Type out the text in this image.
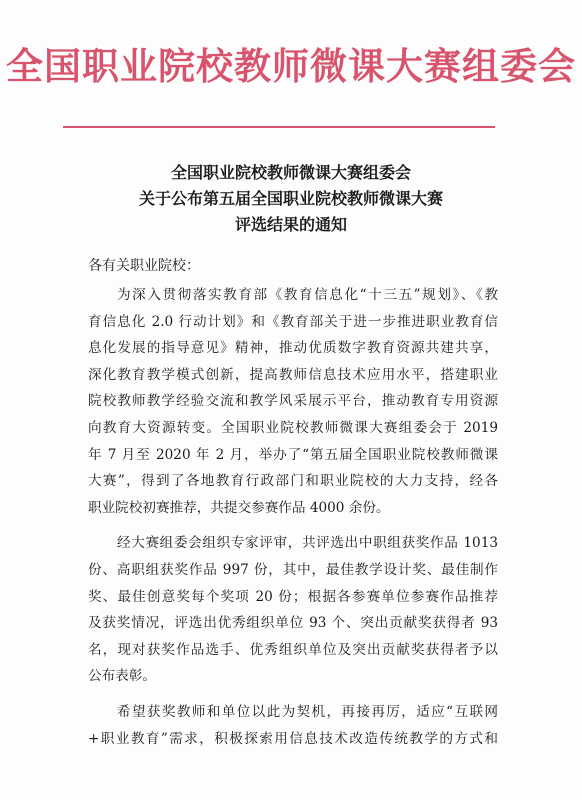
全国职业院校教师微课大赛组委会
全国职业院校教师微课大赛组委会
关于公布第五届全国职业院校教师微课大赛
评选结果的通知
各有关职业院校：

为深入贯彻落实教育部《教育信息化“十三五”规划》、《教
育信息化 2.0 行动计划》和《教育部关于进一步推进职业教育信
息化发展的指导意见》精神，推动优质数字教育资源共建共享，
深化教育教学模式创新，提高教师信息技术应用水平，搭建职业
院校教师教学经验交流和教学风采展示平台，推动教育专用资源
向教育大资源转变。全国职业院校教师微课大赛组委会于 2019
年 7 月至 2020 年 2 月，举办了“第五届全国职业院校教师微课
大赛”，得到了各地教育行政部门和职业院校的大力支持，经各
职业院校初赛推荐，共提交参赛作品 4000 余份。

经大赛组委会组织专家评审，共评选出中职组获奖作品 1013
份、高职组获奖作品 997 份，其中，最佳教学设计奖、最佳制作
奖、最佳创意奖每个奖项 20 份；根据各参赛单位参赛作品推荐
及获奖情况，评选出优秀组织单位 93 个、突出贡献奖获得者 93
名，现对获奖作品选手、优秀组织单位及突出贡献奖获得者予以
公布表彰。

希望获奖教师和单位以此为契机，再接再厉，适应“互联网
+职业教育”需求，积极探索用信息技术改造传统教学的方式和
